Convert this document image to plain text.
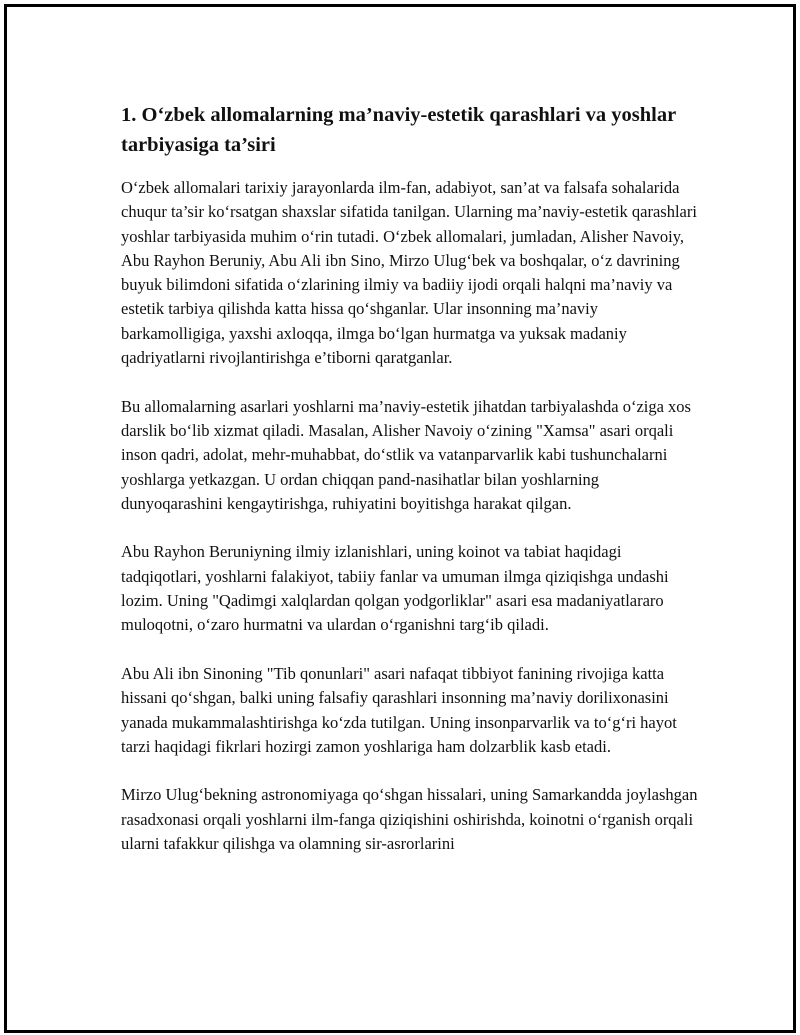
1. O‘zbek allomalarning ma’naviy-estetik qarashlari va yoshlar tarbiyasiga ta’siri

O‘zbek allomalari tarixiy jarayonlarda ilm-fan, adabiyot, san’at va falsafa sohalarida chuqur ta’sir ko‘rsatgan shaxslar sifatida tanilgan. Ularning ma’naviy-estetik qarashlari yoshlar tarbiyasida muhim o‘rin tutadi. O‘zbek allomalari, jumladan, Alisher Navoiy, Abu Rayhon Beruniy, Abu Ali ibn Sino, Mirzo Ulug‘bek va boshqalar, o‘z davrining buyuk bilimdoni sifatida o‘zlarining ilmiy va badiiy ijodi orqali halqni ma’naviy va estetik tarbiya qilishda katta hissa qo‘shganlar. Ular insonning ma’naviy barkamolligiga, yaxshi axloqqa, ilmga bo‘lgan hurmatga va yuksak madaniy qadriyatlarni rivojlantirishga e’tiborni qaratganlar.

Bu allomalarning asarlari yoshlarni ma’naviy-estetik jihatdan tarbiyalashda o‘ziga xos darslik bo‘lib xizmat qiladi. Masalan, Alisher Navoiy o‘zining "Xamsa" asari orqali inson qadri, adolat, mehr-muhabbat, do‘stlik va vatanparvarlik kabi tushunchalarni yoshlarga yetkazgan. U ordan chiqqan pand-nasihatlar bilan yoshlarning dunyoqarashini kengaytirishga, ruhiyatini boyitishga harakat qilgan.

Abu Rayhon Beruniyning ilmiy izlanishlari, uning koinot va tabiat haqidagi tadqiqotlari, yoshlarni falakiyot, tabiiy fanlar va umuman ilmga qiziqishga undashi lozim. Uning "Qadimgi xalqlardan qolgan yodgorliklar" asari esa madaniyatlararo muloqotni, o‘zaro hurmatni va ulardan o‘rganishni targ‘ib qiladi.

Abu Ali ibn Sinoning "Tib qonunlari" asari nafaqat tibbiyot fanining rivojiga katta hissani qo‘shgan, balki uning falsafiy qarashlari insonning ma’naviy dorilixonasini yanada mukammalashtirishga ko‘zda tutilgan. Uning insonparvarlik va to‘g‘ri hayot tarzi haqidagi fikrlari hozirgi zamon yoshlariga ham dolzarblik kasb etadi.

Mirzo Ulug‘bekning astronomiyaga qo‘shgan hissalari, uning Samarkandda joylashgan rasadxonasi orqali yoshlarni ilm-fanga qiziqishini oshirishda, koinotni o‘rganish orqali ularni tafakkur qilishga va olamning sir-asrorlarini
